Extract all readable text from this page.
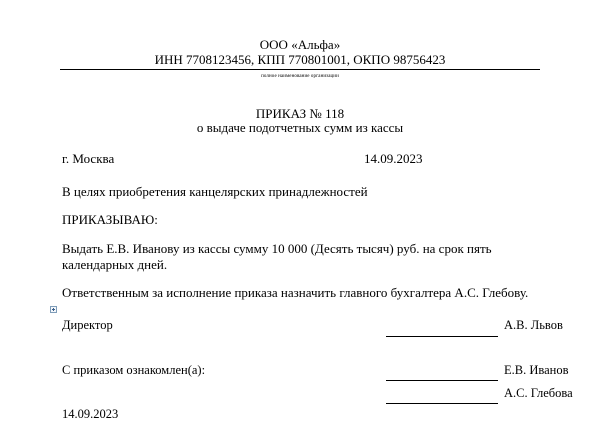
ООО «Альфа»
ИНН 7708123456, КПП 770801001, ОКПО 98756423
полное наименование организации
ПРИКАЗ № 118
о выдаче подотчетных сумм из кассы
г. Москва	14.09.2023
В целях приобретения канцелярских принадлежностей
ПРИКАЗЫВАЮ:
Выдать Е.В. Иванову из кассы сумму 10 000 (Десять тысяч) руб. на срок пять
календарных дней.
Ответственным за исполнение приказа назначить главного бухгалтера А.С. Глебову.
Директор	А.В. Львов
С приказом ознакомлен(а):	Е.В. Иванов
А.С. Глебова
14.09.2023
